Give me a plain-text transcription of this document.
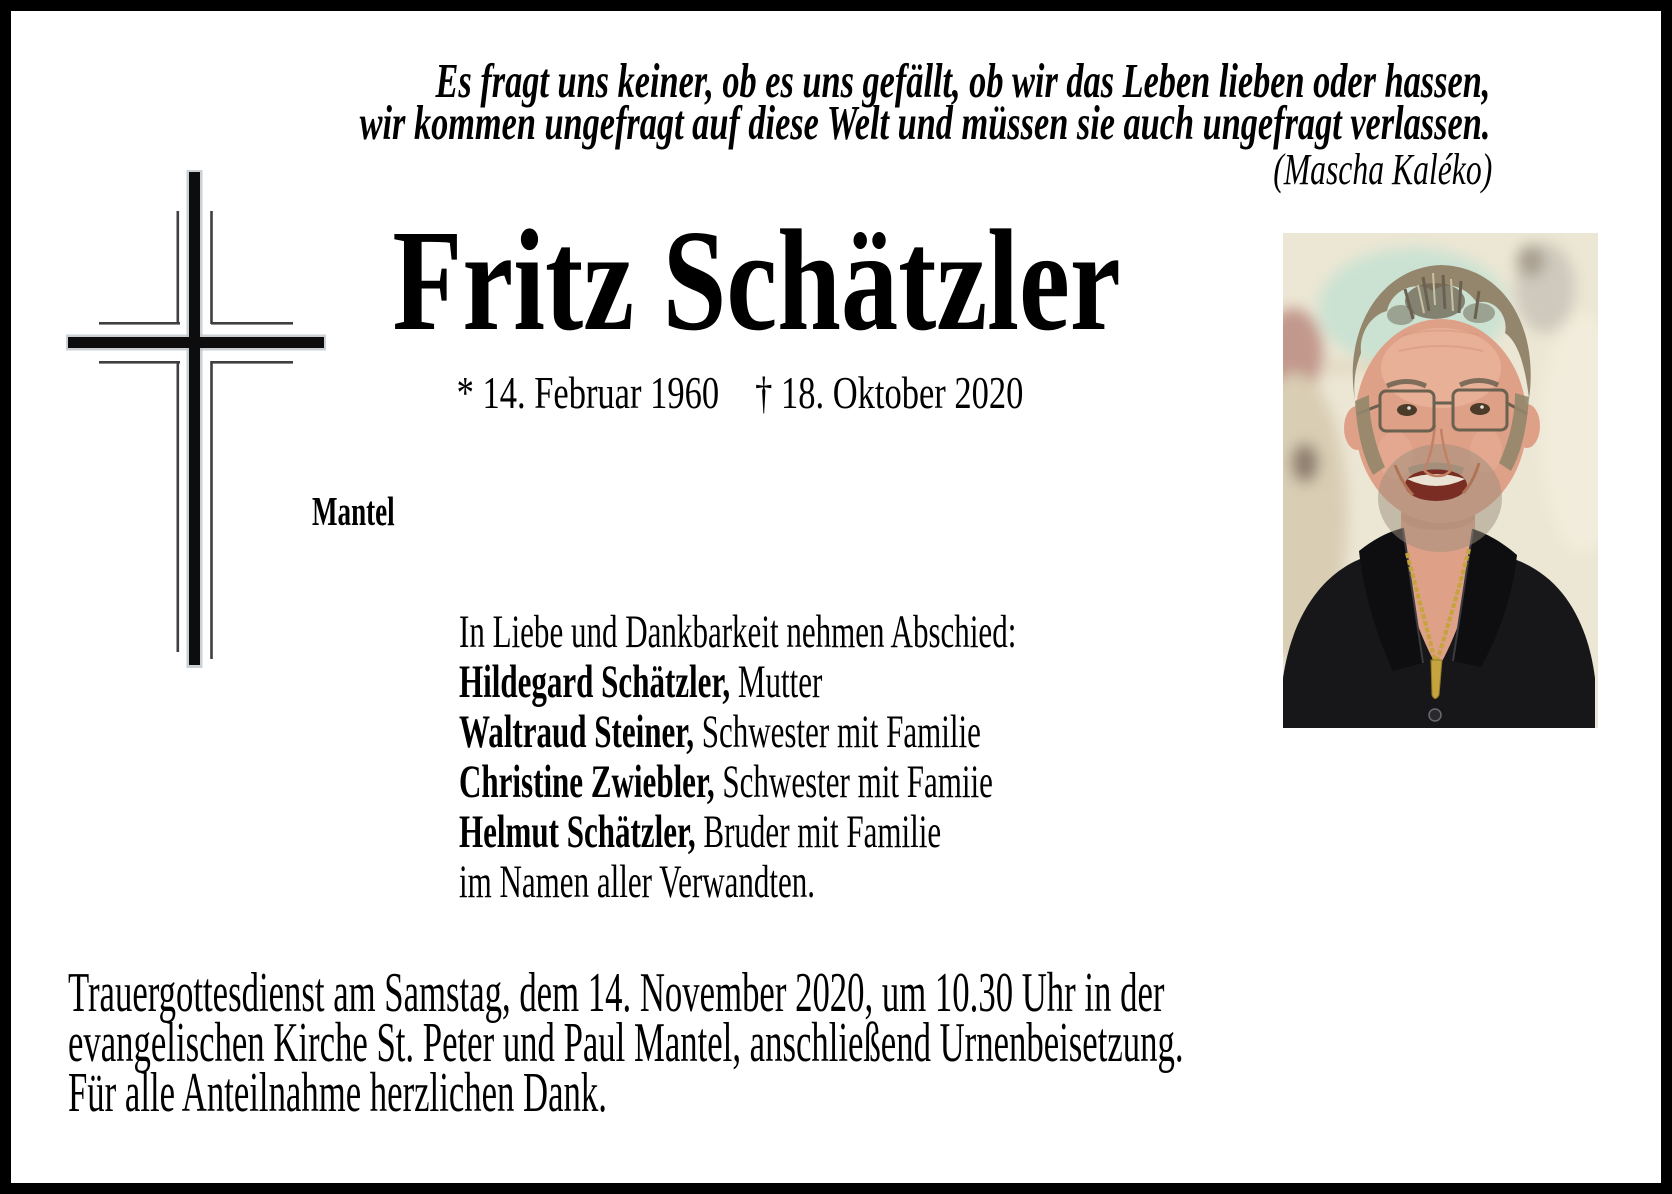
Es fragt uns keiner, ob es uns gefällt, ob wir das Leben lieben oder hassen,
wir kommen ungefragt auf diese Welt und müssen sie auch ungefragt verlassen.
(Mascha Kaléko)
Fritz Schätzler
* 14. Februar 1960 † 18. Oktober 2020
Mantel
In Liebe und Dankbarkeit nehmen Abschied:
Hildegard Schätzler, Mutter
Waltraud Steiner, Schwester mit Familie
Christine Zwiebler, Schwester mit Famiie
Helmut Schätzler, Bruder mit Familie
im Namen aller Verwandten.
Trauergottesdienst am Samstag, dem 14. November 2020, um 10.30 Uhr in der
evangelischen Kirche St. Peter und Paul Mantel, anschließend Urnenbeisetzung.
Für alle Anteilnahme herzlichen Dank.
